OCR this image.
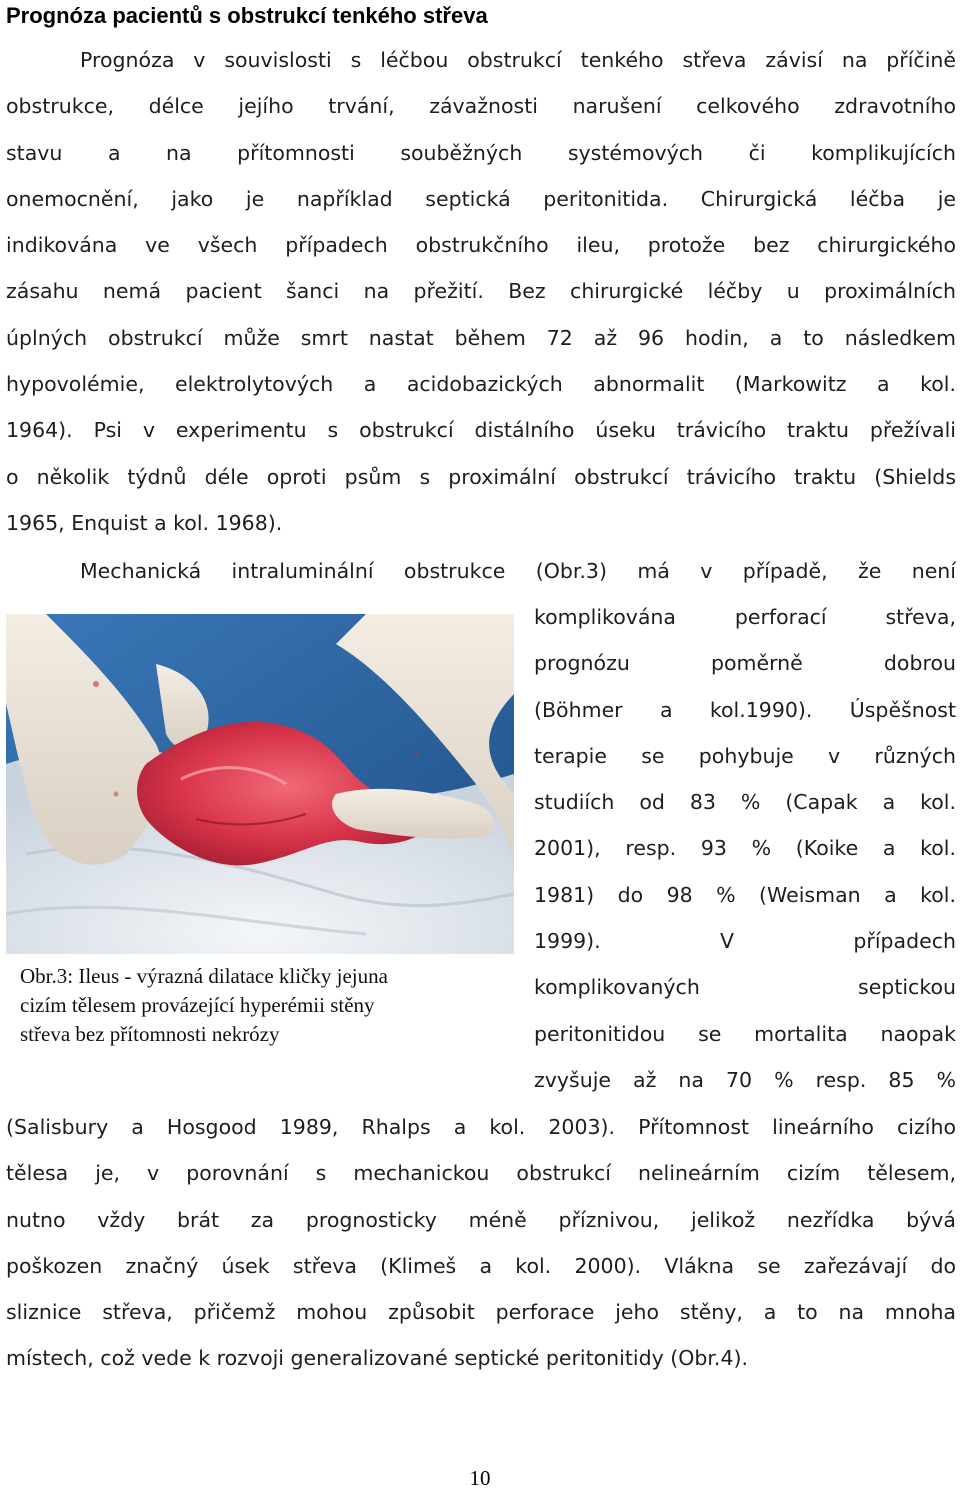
Prognóza pacientů s obstrukcí tenkého střeva

Prognóza v souvislosti s léčbou obstrukcí tenkého střeva závisí na příčině
obstrukce, délce jejího trvání, závažnosti narušení celkového zdravotního
stavu a na přítomnosti souběžných systémových či komplikujících
onemocnění, jako je například septická peritonitida. Chirurgická léčba je
indikována ve všech případech obstrukčního ileu, protože bez chirurgického
zásahu nemá pacient šanci na přežití. Bez chirurgické léčby u proximálních
úplných obstrukcí může smrt nastat během 72 až 96 hodin, a to následkem
hypovolémie, elektrolytových a acidobazických abnormalit (Markowitz a kol.
1964). Psi v experimentu s obstrukcí distálního úseku trávicího traktu přežívali
o několik týdnů déle oproti psům s proximální obstrukcí trávicího traktu (Shields
1965, Enquist a kol. 1968).

Mechanická intraluminální obstrukce (Obr.3) má v případě, že není

komplikována perforací střeva,
prognózu poměrně dobrou
(Böhmer a kol.1990). Úspěšnost
terapie se pohybuje v různých
studiích od 83 % (Capak a kol.
2001), resp. 93 % (Koike a kol.
1981) do 98 % (Weisman a kol.
1999). V případech
komplikovaných septickou
peritonitidou se mortalita naopak
zvyšuje až na 70 % resp. 85 %

Obr.3: Ileus - výrazná dilatace kličky jejuna
cizím tělesem provázející hyperémii stěny
střeva bez přítomnosti nekrózy

(Salisbury a Hosgood 1989, Rhalps a kol. 2003). Přítomnost lineárního cizího
tělesa je, v porovnání s mechanickou obstrukcí nelineárním cizím tělesem,
nutno vždy brát za prognosticky méně příznivou, jelikož nezřídka bývá
poškozen značný úsek střeva (Klimeš a kol. 2000). Vlákna se zařezávají do
sliznice střeva, přičemž mohou způsobit perforace jeho stěny, a to na mnoha
místech, což vede k rozvoji generalizované septické peritonitidy (Obr.4).

10
